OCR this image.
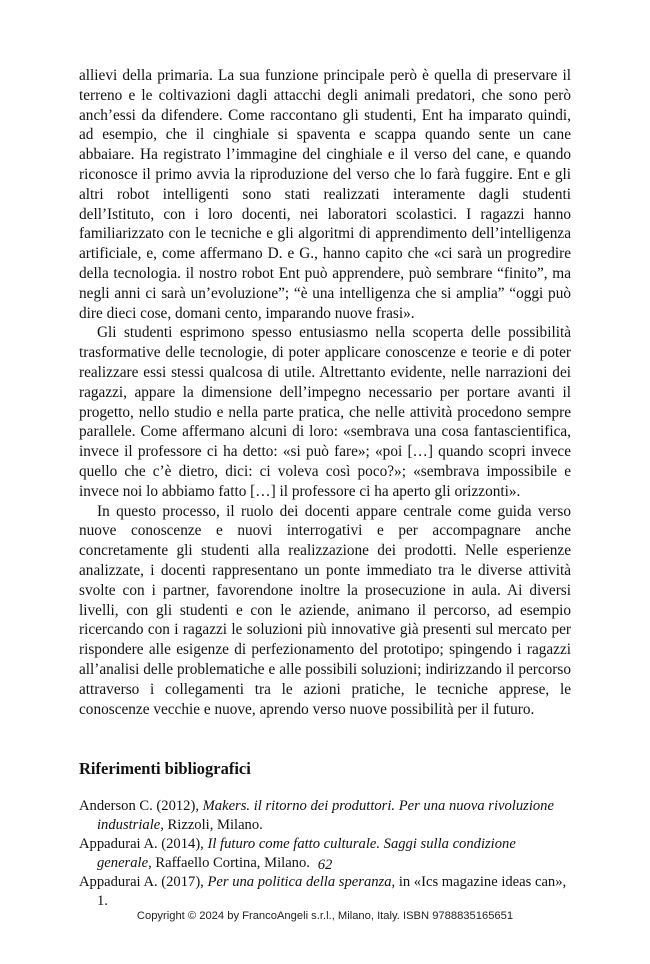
allievi della primaria. La sua funzione principale però è quella di preservare il terreno e le coltivazioni dagli attacchi degli animali predatori, che sono però anch’essi da difendere. Come raccontano gli studenti, Ent ha imparato quindi, ad esempio, che il cinghiale si spaventa e scappa quando sente un cane abbaiare. Ha registrato l’immagine del cinghiale e il verso del cane, e quando riconosce il primo avvia la riproduzione del verso che lo farà fuggire. Ent e gli altri robot intelligenti sono stati realizzati interamente dagli studenti dell’Istituto, con i loro docenti, nei laboratori scolastici. I ragazzi hanno familiarizzato con le tecniche e gli algoritmi di apprendimento dell’intelligenza artificiale, e, come affermano D. e G., hanno capito che «ci sarà un progredire della tecnologia. il nostro robot Ent può apprendere, può sembrare “finito”, ma negli anni ci sarà un’evoluzione”; “è una intelligenza che si amplia” “oggi può dire dieci cose, domani cento, imparando nuove frasi».

Gli studenti esprimono spesso entusiasmo nella scoperta delle possibilità trasformative delle tecnologie, di poter applicare conoscenze e teorie e di poter realizzare essi stessi qualcosa di utile. Altrettanto evidente, nelle narrazioni dei ragazzi, appare la dimensione dell’impegno necessario per portare avanti il progetto, nello studio e nella parte pratica, che nelle attività procedono sempre parallele. Come affermano alcuni di loro: «sembrava una cosa fantascientifica, invece il professore ci ha detto: «si può fare»; «poi […] quando scopri invece quello che c’è dietro, dici: ci voleva così poco?»; «sembrava impossibile e invece noi lo abbiamo fatto […] il professore ci ha aperto gli orizzonti».

In questo processo, il ruolo dei docenti appare centrale come guida verso nuove conoscenze e nuovi interrogativi e per accompagnare anche concretamente gli studenti alla realizzazione dei prodotti. Nelle esperienze analizzate, i docenti rappresentano un ponte immediato tra le diverse attività svolte con i partner, favorendone inoltre la prosecuzione in aula. Ai diversi livelli, con gli studenti e con le aziende, animano il percorso, ad esempio ricercando con i ragazzi le soluzioni più innovative già presenti sul mercato per rispondere alle esigenze di perfezionamento del prototipo; spingendo i ragazzi all’analisi delle problematiche e alle possibili soluzioni; indirizzando il percorso attraverso i collegamenti tra le azioni pratiche, le tecniche apprese, le conoscenze vecchie e nuove, aprendo verso nuove possibilità per il futuro.

Riferimenti bibliografici

Anderson C. (2012), Makers. il ritorno dei produttori. Per una nuova rivoluzione industriale, Rizzoli, Milano.

Appadurai A. (2014), Il futuro come fatto culturale. Saggi sulla condizione generale, Raffaello Cortina, Milano.

Appadurai A. (2017), Per una politica della speranza, in «Ics magazine ideas can», 1.

62
Copyright © 2024 by FrancoAngeli s.r.l., Milano, Italy. ISBN 9788835165651
